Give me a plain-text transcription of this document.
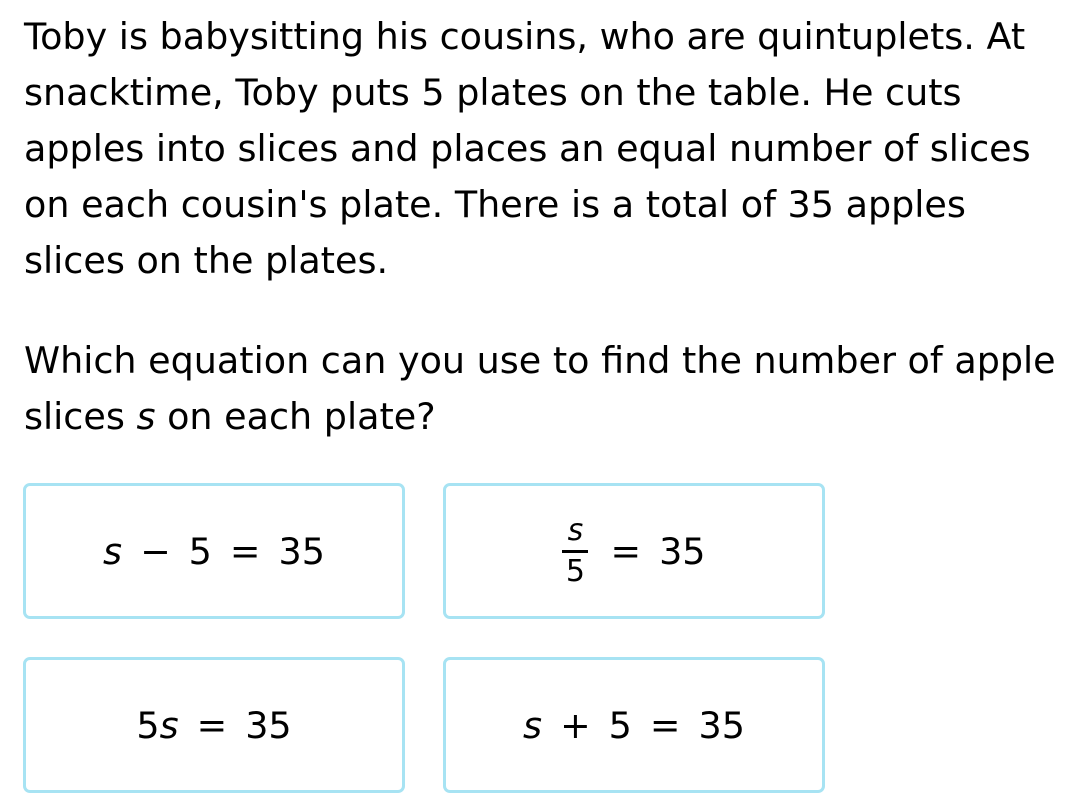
Toby is babysitting his cousins, who are quintuplets. At snacktime, Toby puts 5 plates on the table. He cuts apples into slices and places an equal number of slices on each cousin's plate. There is a total of 35 apples slices on the plates.

Which equation can you use to find the number of apple slices s on each plate?

s − 5 = 35	$\frac{s}{5} = 35$
5 s = 35	s + 5 = 35
